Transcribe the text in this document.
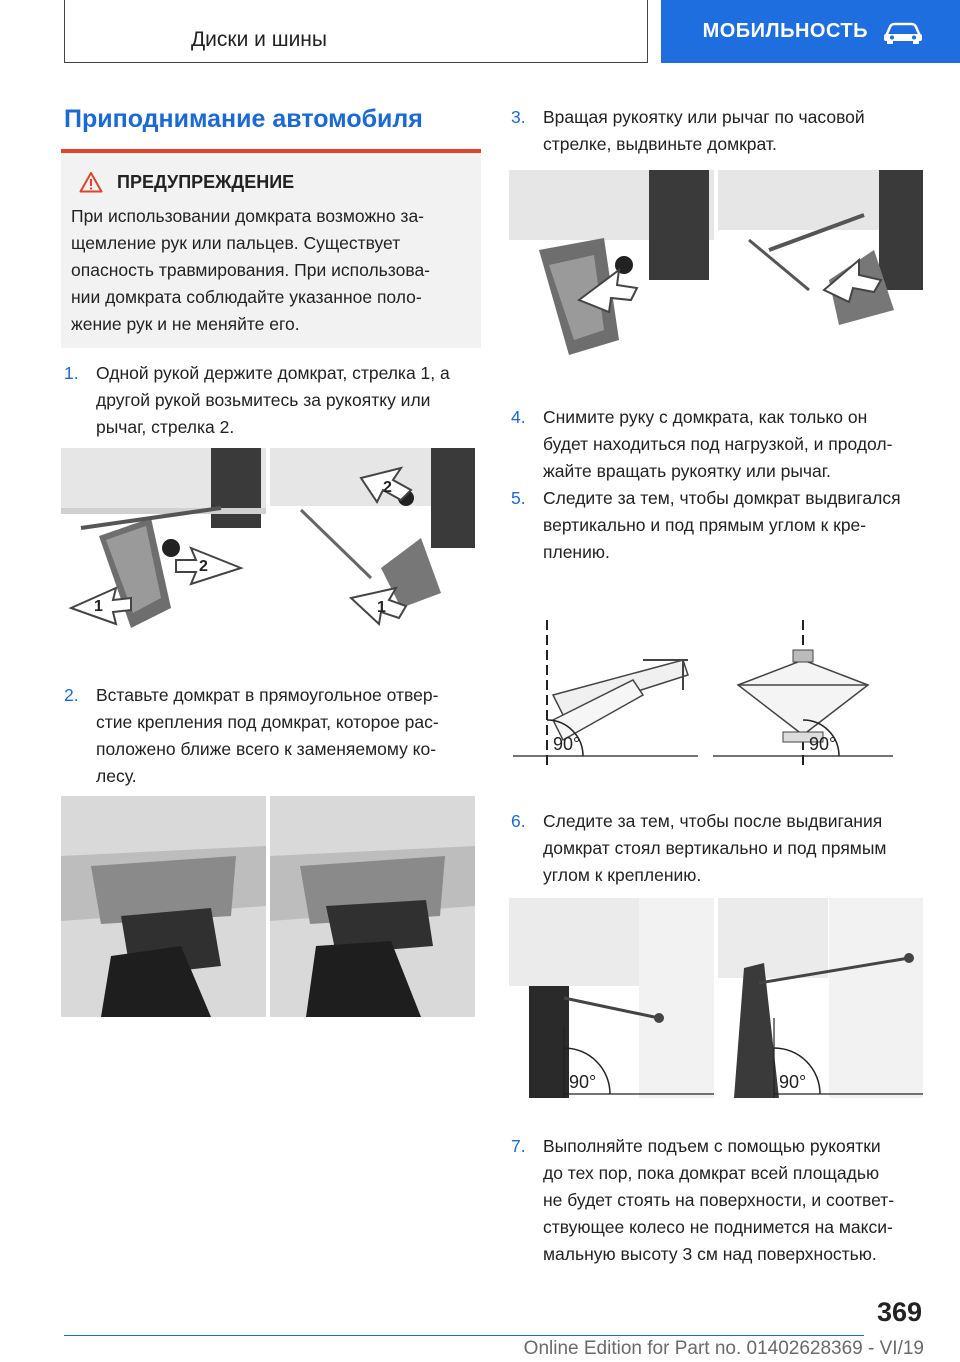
Диски и шины	МОБИЛЬНОСТЬ
Приподнимание автомобиля
ПРЕДУПРЕЖДЕНИЕ
При использовании домкрата возможно за-
щемление рук или пальцев. Существует
опасность травмирования. При использова-
нии домкрата соблюдайте указанное поло-
жение рук и не меняйте его.
1. Одной рукой держите домкрат, стрелка 1, а
другой рукой возьмитесь за рукоятку или
рычаг, стрелка 2.
1
2
2
1
2. Вставьте домкрат в прямоугольное отвер-
стие крепления под домкрат, которое рас-
положено ближе всего к заменяемому ко-
лесу.
3. Вращая рукоятку или рычаг по часовой
стрелке, выдвиньте домкрат.
4. Снимите руку с домкрата, как только он
будет находиться под нагрузкой, и продол-
жайте вращать рукоятку или рычаг.
5. Следите за тем, чтобы домкрат выдвигался
вертикально и под прямым углом к кре-
плению.
90°	90°
6. Следите за тем, чтобы после выдвигания
домкрат стоял вертикально и под прямым
углом к креплению.
90°	90°
7. Выполняйте подъем с помощью рукоятки
до тех пор, пока домкрат всей площадью
не будет стоять на поверхности, и соответ-
ствующее колесо не поднимется на макси-
мальную высоту 3 см над поверхностью.
369
Online Edition for Part no. 01402628369 - VI/19
